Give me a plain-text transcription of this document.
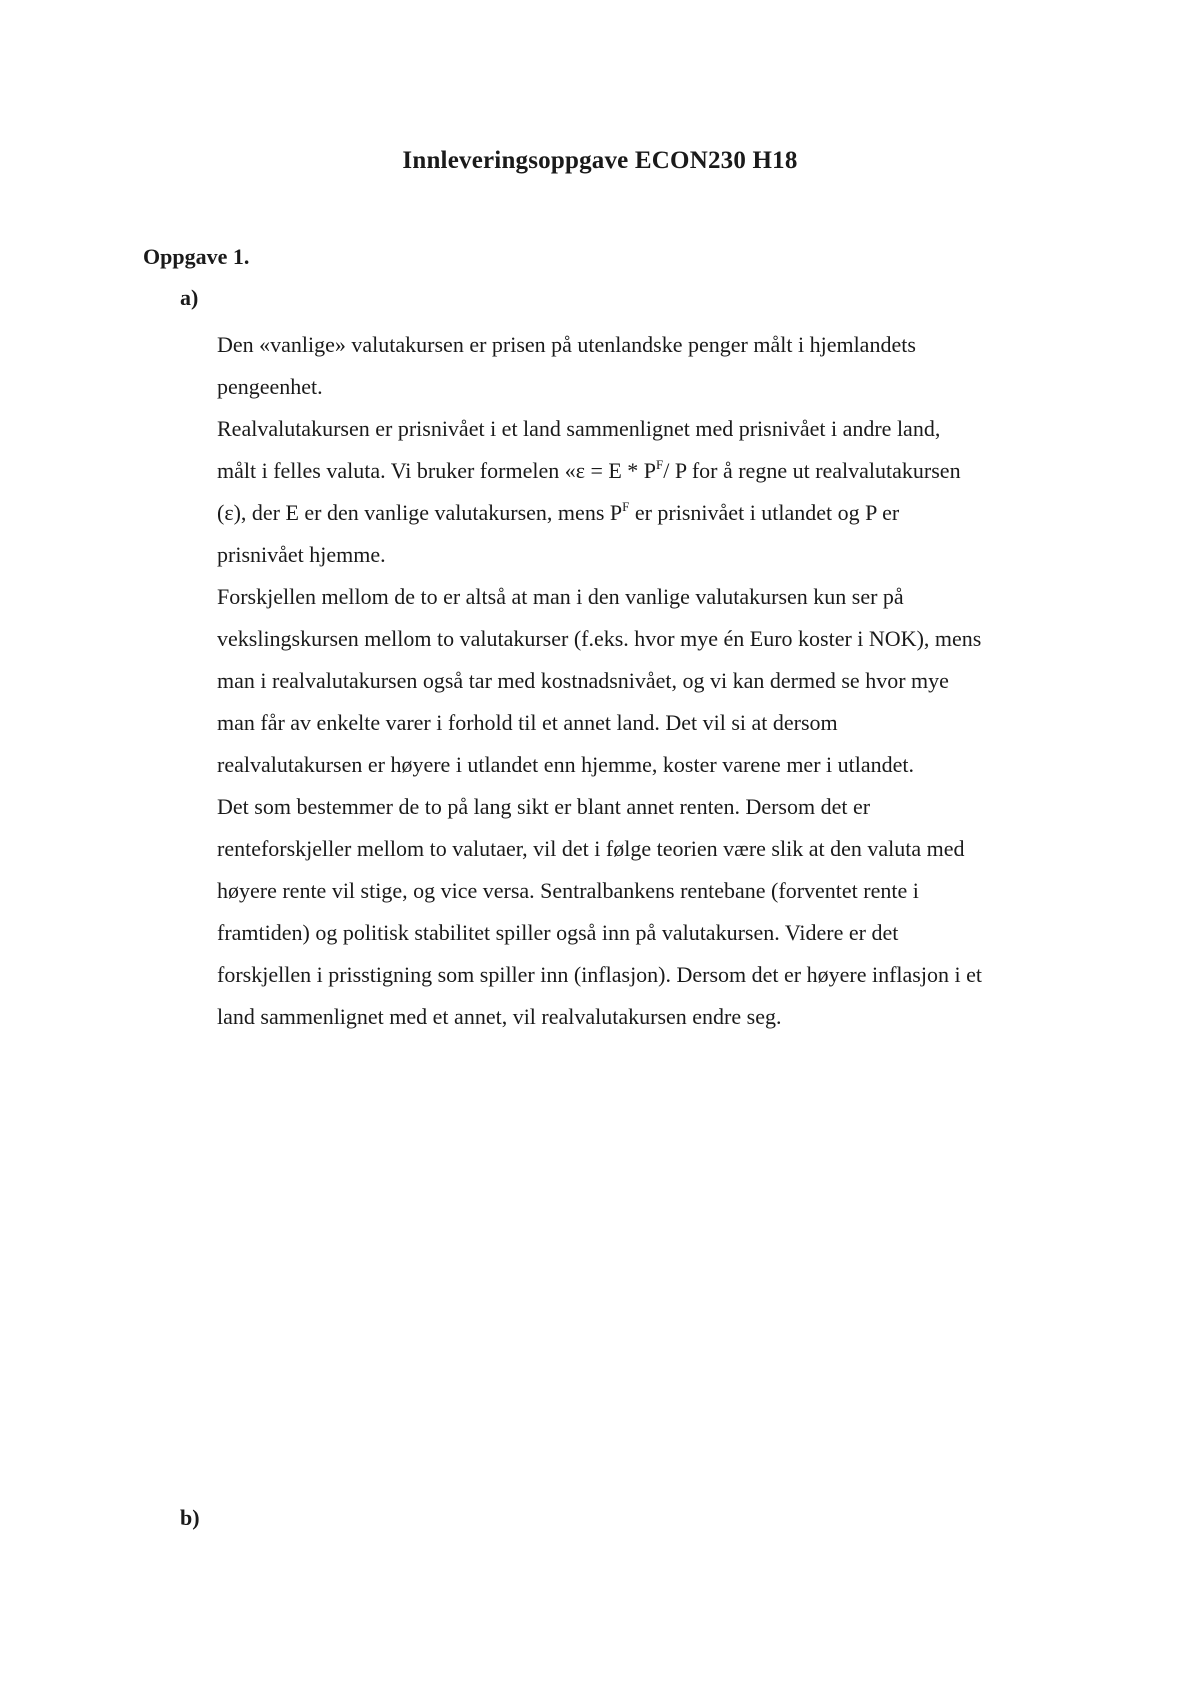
Innleveringsoppgave ECON230 H18
Oppgave 1.
a)
Den «vanlige» valutakursen er prisen på utenlandske penger målt i hjemlandets
pengeenhet.
Realvalutakursen er prisnivået i et land sammenlignet med prisnivået i andre land,
målt i felles valuta. Vi bruker formelen «$\varepsilon = E * P^F/$ P for å regne ut realvalutakursen
(ε), der E er den vanlige valutakursen, mens $P^F$ er prisnivået i utlandet og P er
prisnivået hjemme.
Forskjellen mellom de to er altså at man i den vanlige valutakursen kun ser på
vekslingskursen mellom to valutakurser (f.eks. hvor mye én Euro koster i NOK), mens
man i realvalutakursen også tar med kostnadsnivået, og vi kan dermed se hvor mye
man får av enkelte varer i forhold til et annet land. Det vil si at dersom
realvalutakursen er høyere i utlandet enn hjemme, koster varene mer i utlandet.
Det som bestemmer de to på lang sikt er blant annet renten. Dersom det er
renteforskjeller mellom to valutaer, vil det i følge teorien være slik at den valuta med
høyere rente vil stige, og vice versa. Sentralbankens rentebane (forventet rente i
framtiden) og politisk stabilitet spiller også inn på valutakursen. Videre er det
forskjellen i prisstigning som spiller inn (inflasjon). Dersom det er høyere inflasjon i et
land sammenlignet med et annet, vil realvalutakursen endre seg.
b)
